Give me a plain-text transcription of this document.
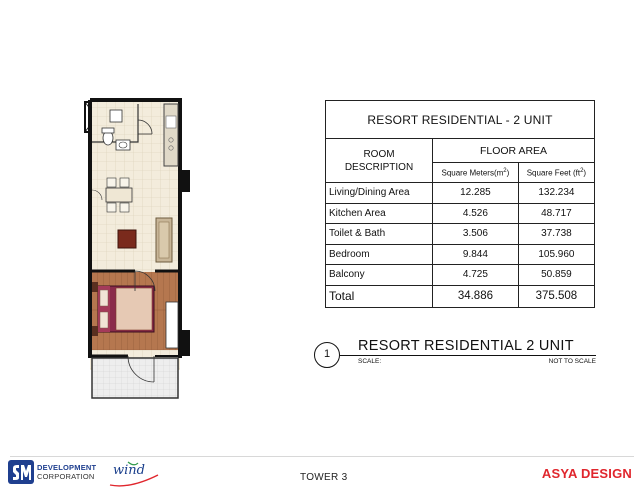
RESORT RESIDENTIAL - 2 UNIT		
ROOM
DESCRIPTION	FLOOR AREA	
	Square $Meters(m^2)$	Square Feet $(ft^2)$
Living/Dining Area	12.285	132.234
Kitchen Area	4.526	48.717
Toilet & Bath	3.506	37.738
Bedroom	9.844	105.960
Balcony	4.725	50.859
Total	34.886	375.508
1	RESORT RESIDENTIAL 2 UNIT
SCALE:	NOT TO SCALE
DEVELOPMENT
CORPORATION wind	TOWER 3	ASYA DESIGN
